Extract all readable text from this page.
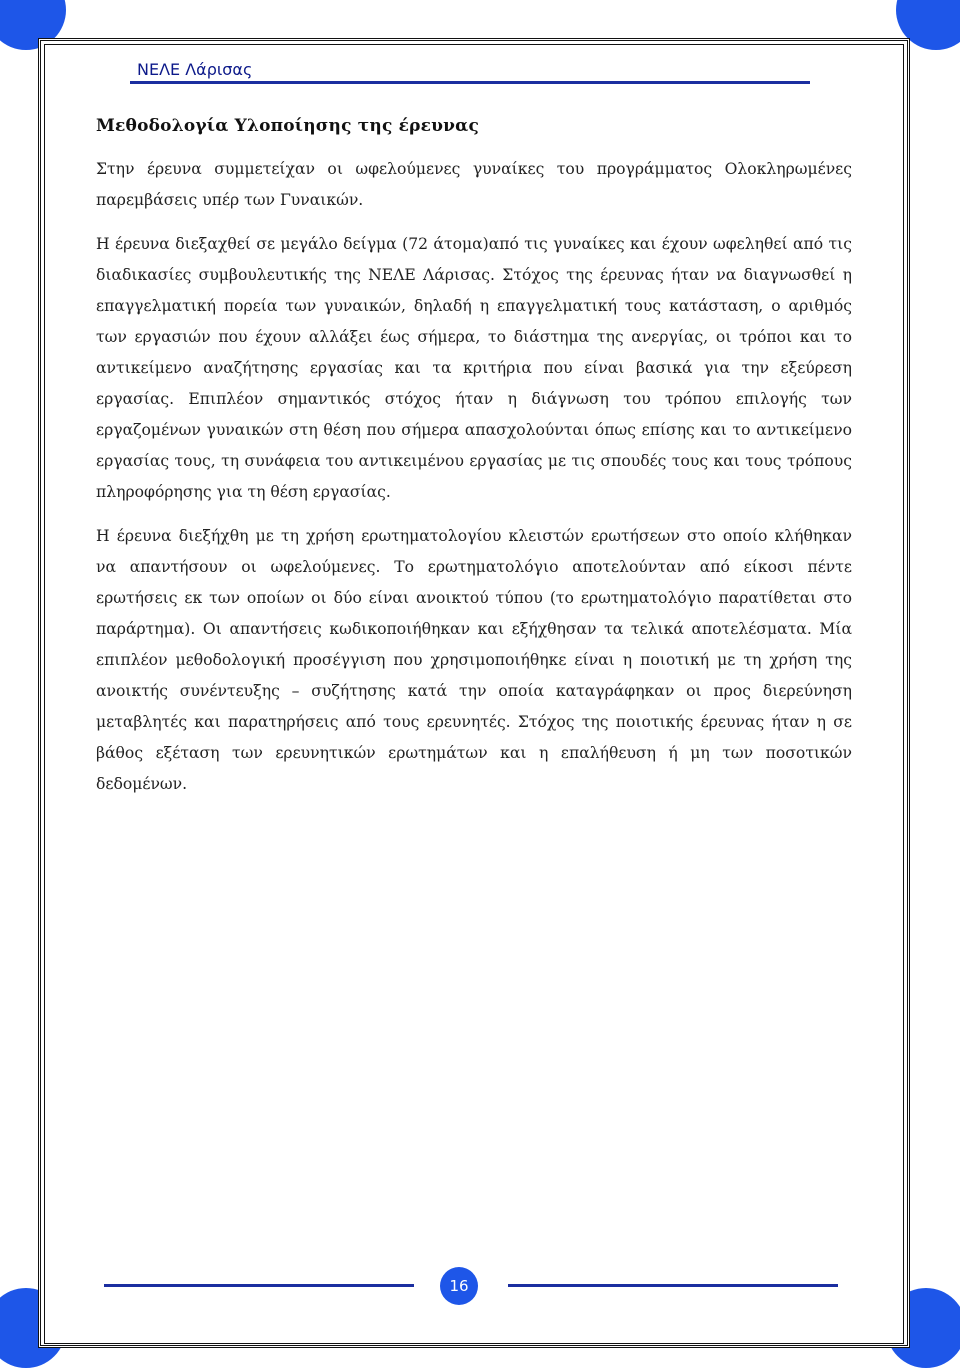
ΝΕΛΕ Λάρισας
Μεθοδολογία Υλοποίησης της έρευνας

Στην έρευνα συμμετείχαν οι ωφελούμενες γυναίκες του προγράμματος Ολοκληρωμένες παρεμβάσεις υπέρ των Γυναικών.

Η έρευνα διεξαχθεί σε μεγάλο δείγμα (72 άτομα)από τις γυναίκες και έχουν ωφεληθεί από τις διαδικασίες συμβουλευτικής της ΝΕΛΕ Λάρισας. Στόχος της έρευνας ήταν να διαγνωσθεί η επαγγελματική πορεία των γυναικών, δηλαδή η επαγγελματική τους κατάσταση, ο αριθμός των εργασιών που έχουν αλλάξει έως σήμερα, το διάστημα της ανεργίας, οι τρόποι και το αντικείμενο αναζήτησης εργασίας και τα κριτήρια που είναι βασικά για την εξεύρεση εργασίας. Επιπλέον σημαντικός στόχος ήταν η διάγνωση του τρόπου επιλογής των εργαζομένων γυναικών στη θέση που σήμερα απασχολούνται όπως επίσης και το αντικείμενο εργασίας τους, τη συνάφεια του αντικειμένου εργασίας με τις σπουδές τους και τους τρόπους πληροφόρησης για τη θέση εργασίας.

Η έρευνα διεξήχθη με τη χρήση ερωτηματολογίου κλειστών ερωτήσεων στο οποίο κλήθηκαν να απαντήσουν οι ωφελούμενες. Το ερωτηματολόγιο αποτελούνταν από είκοσι πέντε ερωτήσεις εκ των οποίων οι δύο είναι ανοικτού τύπου (το ερωτηματολόγιο παρατίθεται στο παράρτημα). Οι απαντήσεις κωδικοποιήθηκαν και εξήχθησαν τα τελικά αποτελέσματα. Μία επιπλέον μεθοδολογική προσέγγιση που χρησιμοποιήθηκε είναι η ποιοτική με τη χρήση της ανοικτής συνέντευξης – συζήτησης κατά την οποία καταγράφηκαν οι προς διερεύνηση μεταβλητές και παρατηρήσεις από τους ερευνητές. Στόχος της ποιοτικής έρευνας ήταν η σε βάθος εξέταση των ερευνητικών ερωτημάτων και η επαλήθευση ή μη των ποσοτικών δεδομένων.

16
